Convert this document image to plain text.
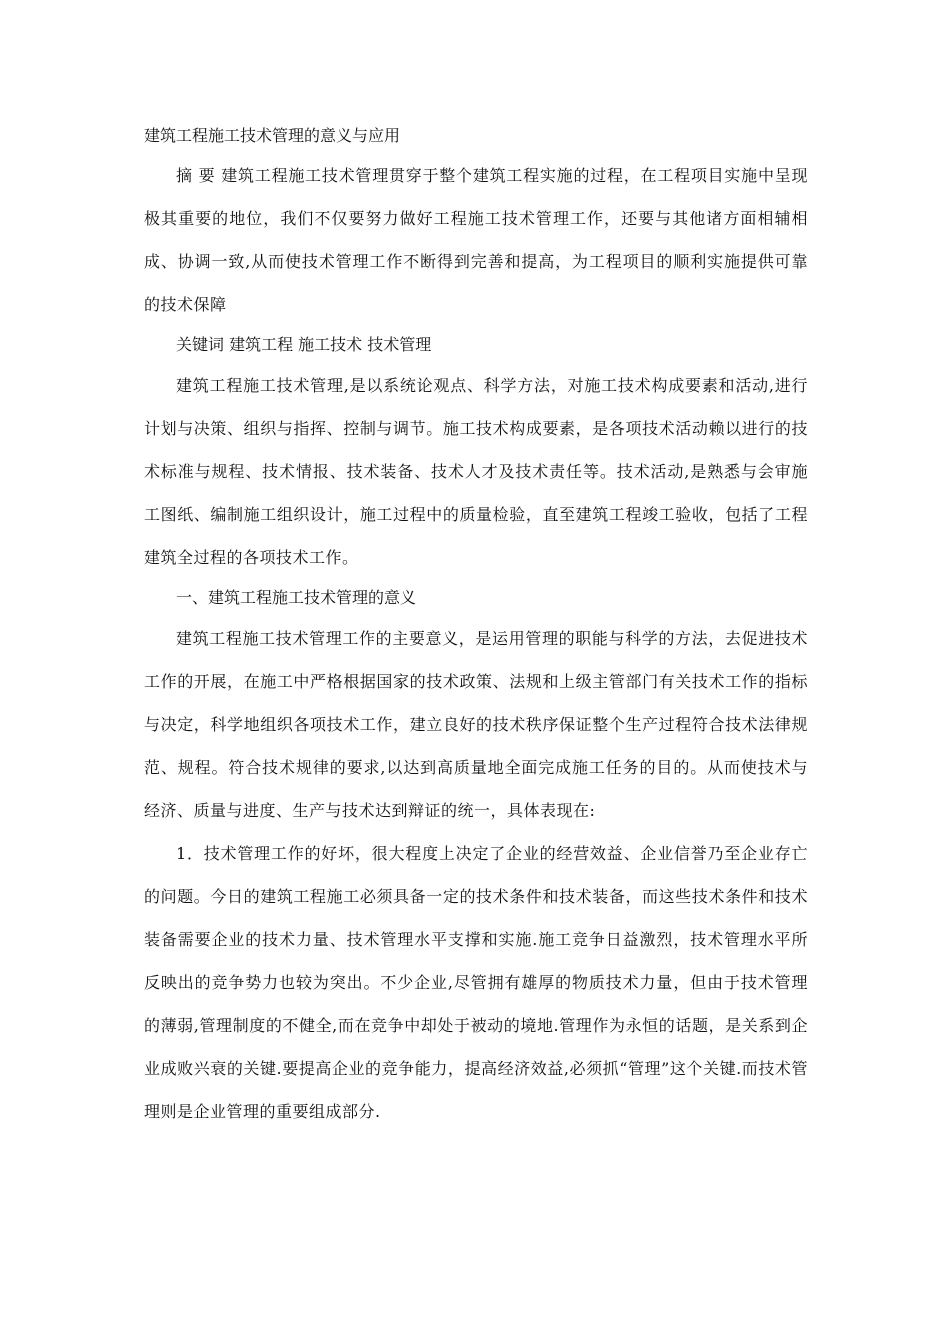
建筑工程施工技术管理的意义与应用

摘 要 建筑工程施工技术管理贯穿于整个建筑工程实施的过程，在工程项目实施中呈现极其重要的地位，我们不仅要努力做好工程施工技术管理工作，还要与其他诸方面相辅相成、协调一致,从而使技术管理工作不断得到完善和提高，为工程项目的顺利实施提供可靠的技术保障

关键词 建筑工程 施工技术 技术管理

建筑工程施工技术管理,是以系统论观点、科学方法，对施工技术构成要素和活动,进行计划与决策、组织与指挥、控制与调节。施工技术构成要素，是各项技术活动赖以进行的技术标准与规程、技术情报、技术装备、技术人才及技术责任等。技术活动,是熟悉与会审施工图纸、编制施工组织设计，施工过程中的质量检验，直至建筑工程竣工验收，包括了工程建筑全过程的各项技术工作。

一、建筑工程施工技术管理的意义

建筑工程施工技术管理工作的主要意义，是运用管理的职能与科学的方法，去促进技术工作的开展，在施工中严格根据国家的技术政策、法规和上级主管部门有关技术工作的指标与决定，科学地组织各项技术工作，建立良好的技术秩序保证整个生产过程符合技术法律规范、规程。符合技术规律的要求,以达到高质量地全面完成施工任务的目的。从而使技术与经济、质量与进度、生产与技术达到辩证的统一，具体表现在:

1．技术管理工作的好坏，很大程度上决定了企业的经营效益、企业信誉乃至企业存亡的问题。今日的建筑工程施工必须具备一定的技术条件和技术装备，而这些技术条件和技术装备需要企业的技术力量、技术管理水平支撑和实施.施工竞争日益激烈，技术管理水平所反映出的竞争势力也较为突出。不少企业,尽管拥有雄厚的物质技术力量，但由于技术管理的薄弱,管理制度的不健全,而在竞争中却处于被动的境地.管理作为永恒的话题，是关系到企业成败兴衰的关键.要提高企业的竞争能力，提高经济效益,必须抓“管理”这个关键.而技术管理则是企业管理的重要组成部分.
